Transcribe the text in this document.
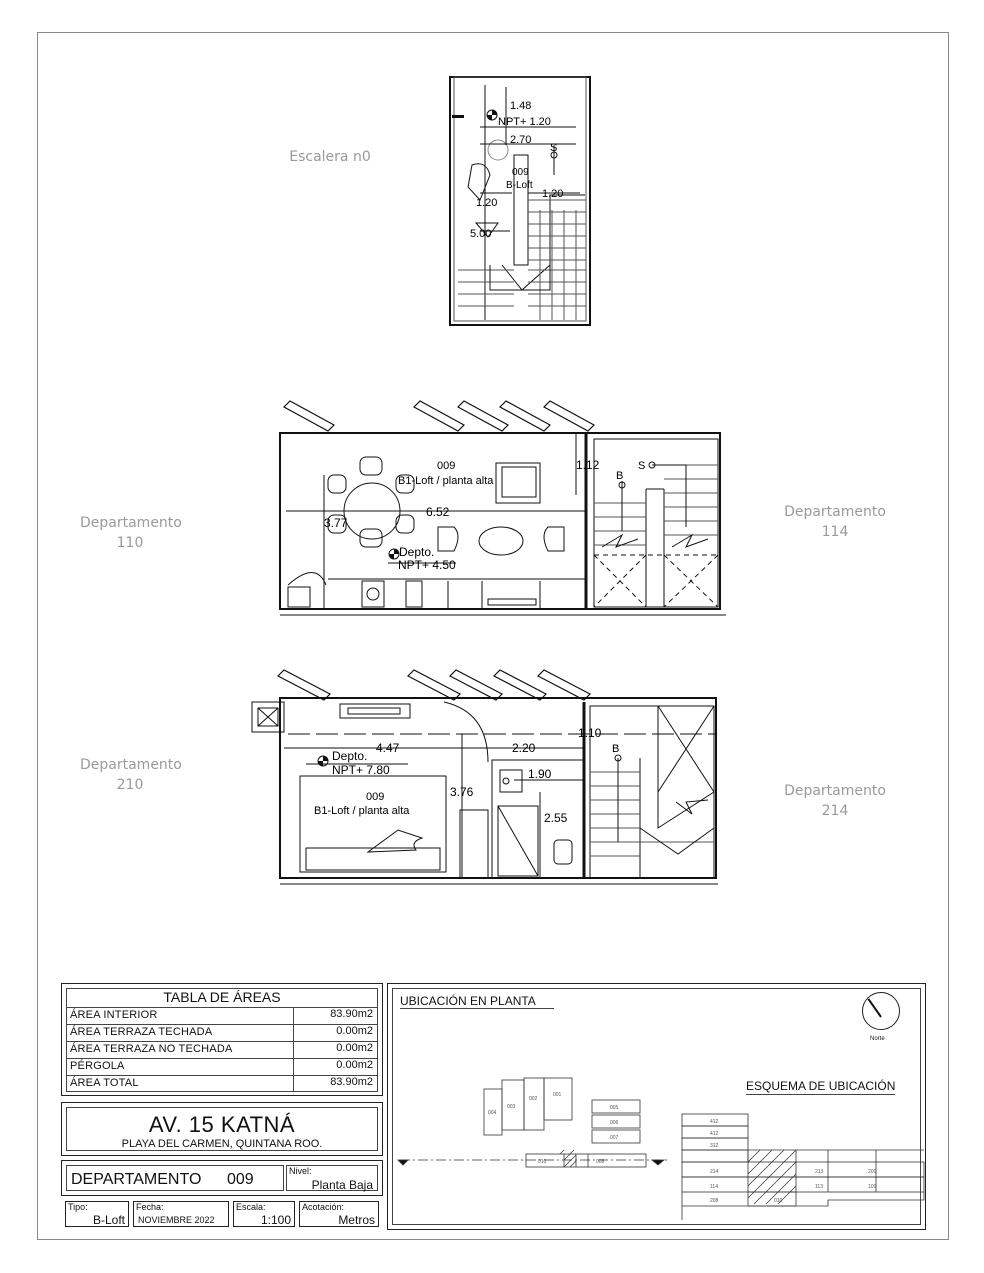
Escalera n0
Departamento
110
Departamento
114
Departamento
210	Departamento
214
1.48
NPT+ 1.20
2.70
S
009
B-Loft
1.20
1.20
5.00
009
B1-Loft / planta alta
1.12
B
S
6.52
3.77
Depto.
NPT+ 4.50
1.10
4.47	2.20	B
Depto.
NPT+ 7.80	1.90
009
B1-Loft / planta alta
3.76
2.55
TABLA DE ÁREAS
ÁREA INTERIOR	83.90m2
ÁREA TERRAZA TECHADA	0.00m2
ÁREA TERRAZA NO TECHADA	0.00m2
PÉRGOLA	0.00m2
ÁREA TOTAL	83.90m2
AV. 15 KATNÁ
PLAYA DEL CARMEN, QUINTANA ROO.
DEPARTAMENTO 009	Nivel:
Planta Baja
Tipo:
B-Loft
Fecha:
NOVIEMBRE 2022
Escala:
1:100
Acotación:
Metros
UBICACIÓN EN PLANTA
ESQUEMA DE UBICACIÓN
Norte
004
003
002
001
005
006
007
010	008
412
412
312
214
114
208
213
113
209
109
010
